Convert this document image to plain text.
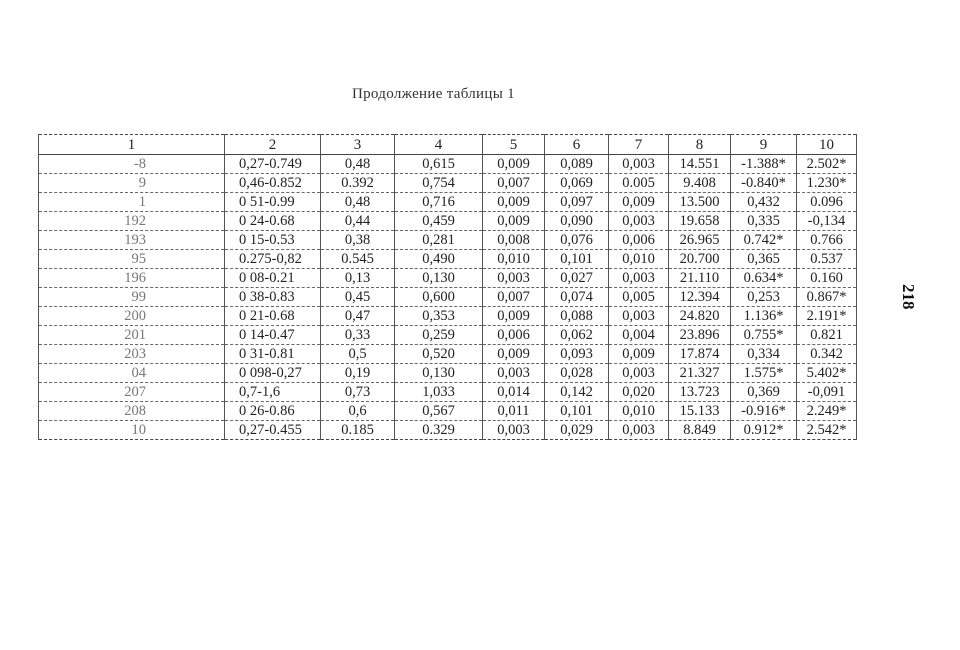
Продолжение таблицы 1
218
1	2	3	4	5	6	7	8	9	10
-8	0,27-0.749	0,48	0,615	0,009	0,089	0,003	14.551	-1.388*	2.502*
9	0,46-0.852	0.392	0,754	0,007	0,069	0.005	9.408	-0.840*	1.230*
1	0 51-0.99	0,48	0,716	0,009	0,097	0,009	13.500	0,432	0.096
192	0 24-0.68	0,44	0,459	0,009	0,090	0,003	19.658	0,335	-0,134
193	0 15-0.53	0,38	0,281	0,008	0,076	0,006	26.965	0.742*	0.766
95	0.275-0,82	0.545	0,490	0,010	0,101	0,010	20.700	0,365	0.537
196	0 08-0.21	0,13	0,130	0,003	0,027	0,003	21.110	0.634*	0.160
99	0 38-0.83	0,45	0,600	0,007	0,074	0,005	12.394	0,253	0.867*
200	0 21-0.68	0,47	0,353	0,009	0,088	0,003	24.820	1.136*	2.191*
201	0 14-0.47	0,33	0,259	0,006	0,062	0,004	23.896	0.755*	0.821
203	0 31-0.81	0,5	0,520	0,009	0,093	0,009	17.874	0,334	0.342
04	0 098-0,27	0,19	0,130	0,003	0,028	0,003	21.327	1.575*	5.402*
207	0,7-1,6	0,73	1,033	0,014	0,142	0,020	13.723	0,369	-0,091
208	0 26-0.86	0,6	0,567	0,011	0,101	0,010	15.133	-0.916*	2.249*
10	0,27-0.455	0.185	0.329	0,003	0,029	0,003	8.849	0.912*	2.542*
